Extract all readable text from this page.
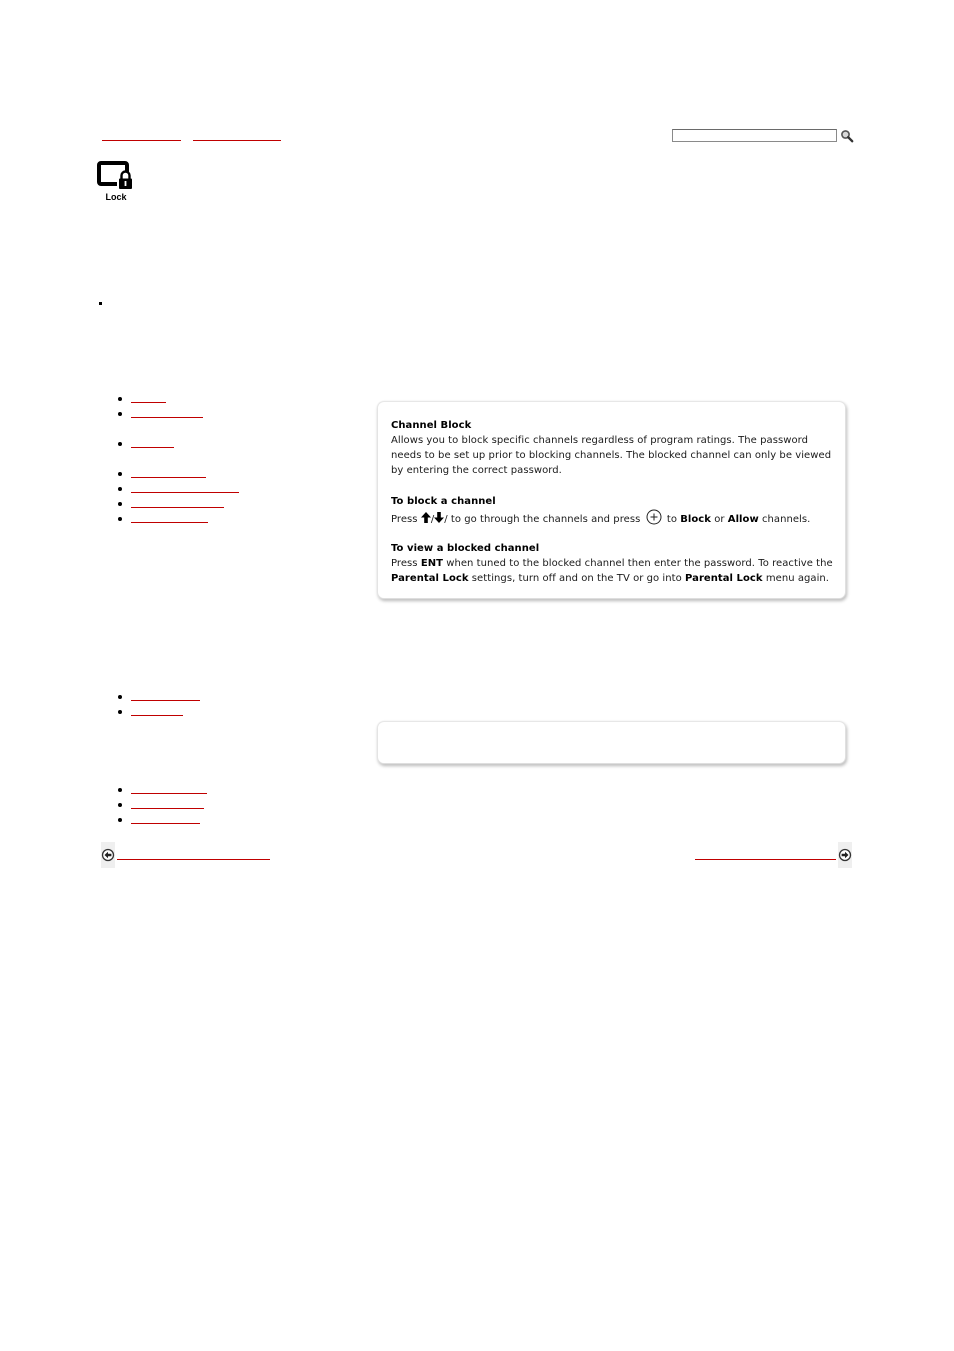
Lock

Channel Block

Allows you to block specific channels regardless of program ratings. The password needs to be set up prior to blocking channels. The blocked channel can only be viewed by entering the correct password.

To block a channel

Press / / to go through the channels and press	to Block or Allow channels.

To view a blocked channel

Press ENT when tuned to the blocked channel then enter the password. To reactive the Parental Lock settings, turn off and on the TV or go into Parental Lock menu again.
